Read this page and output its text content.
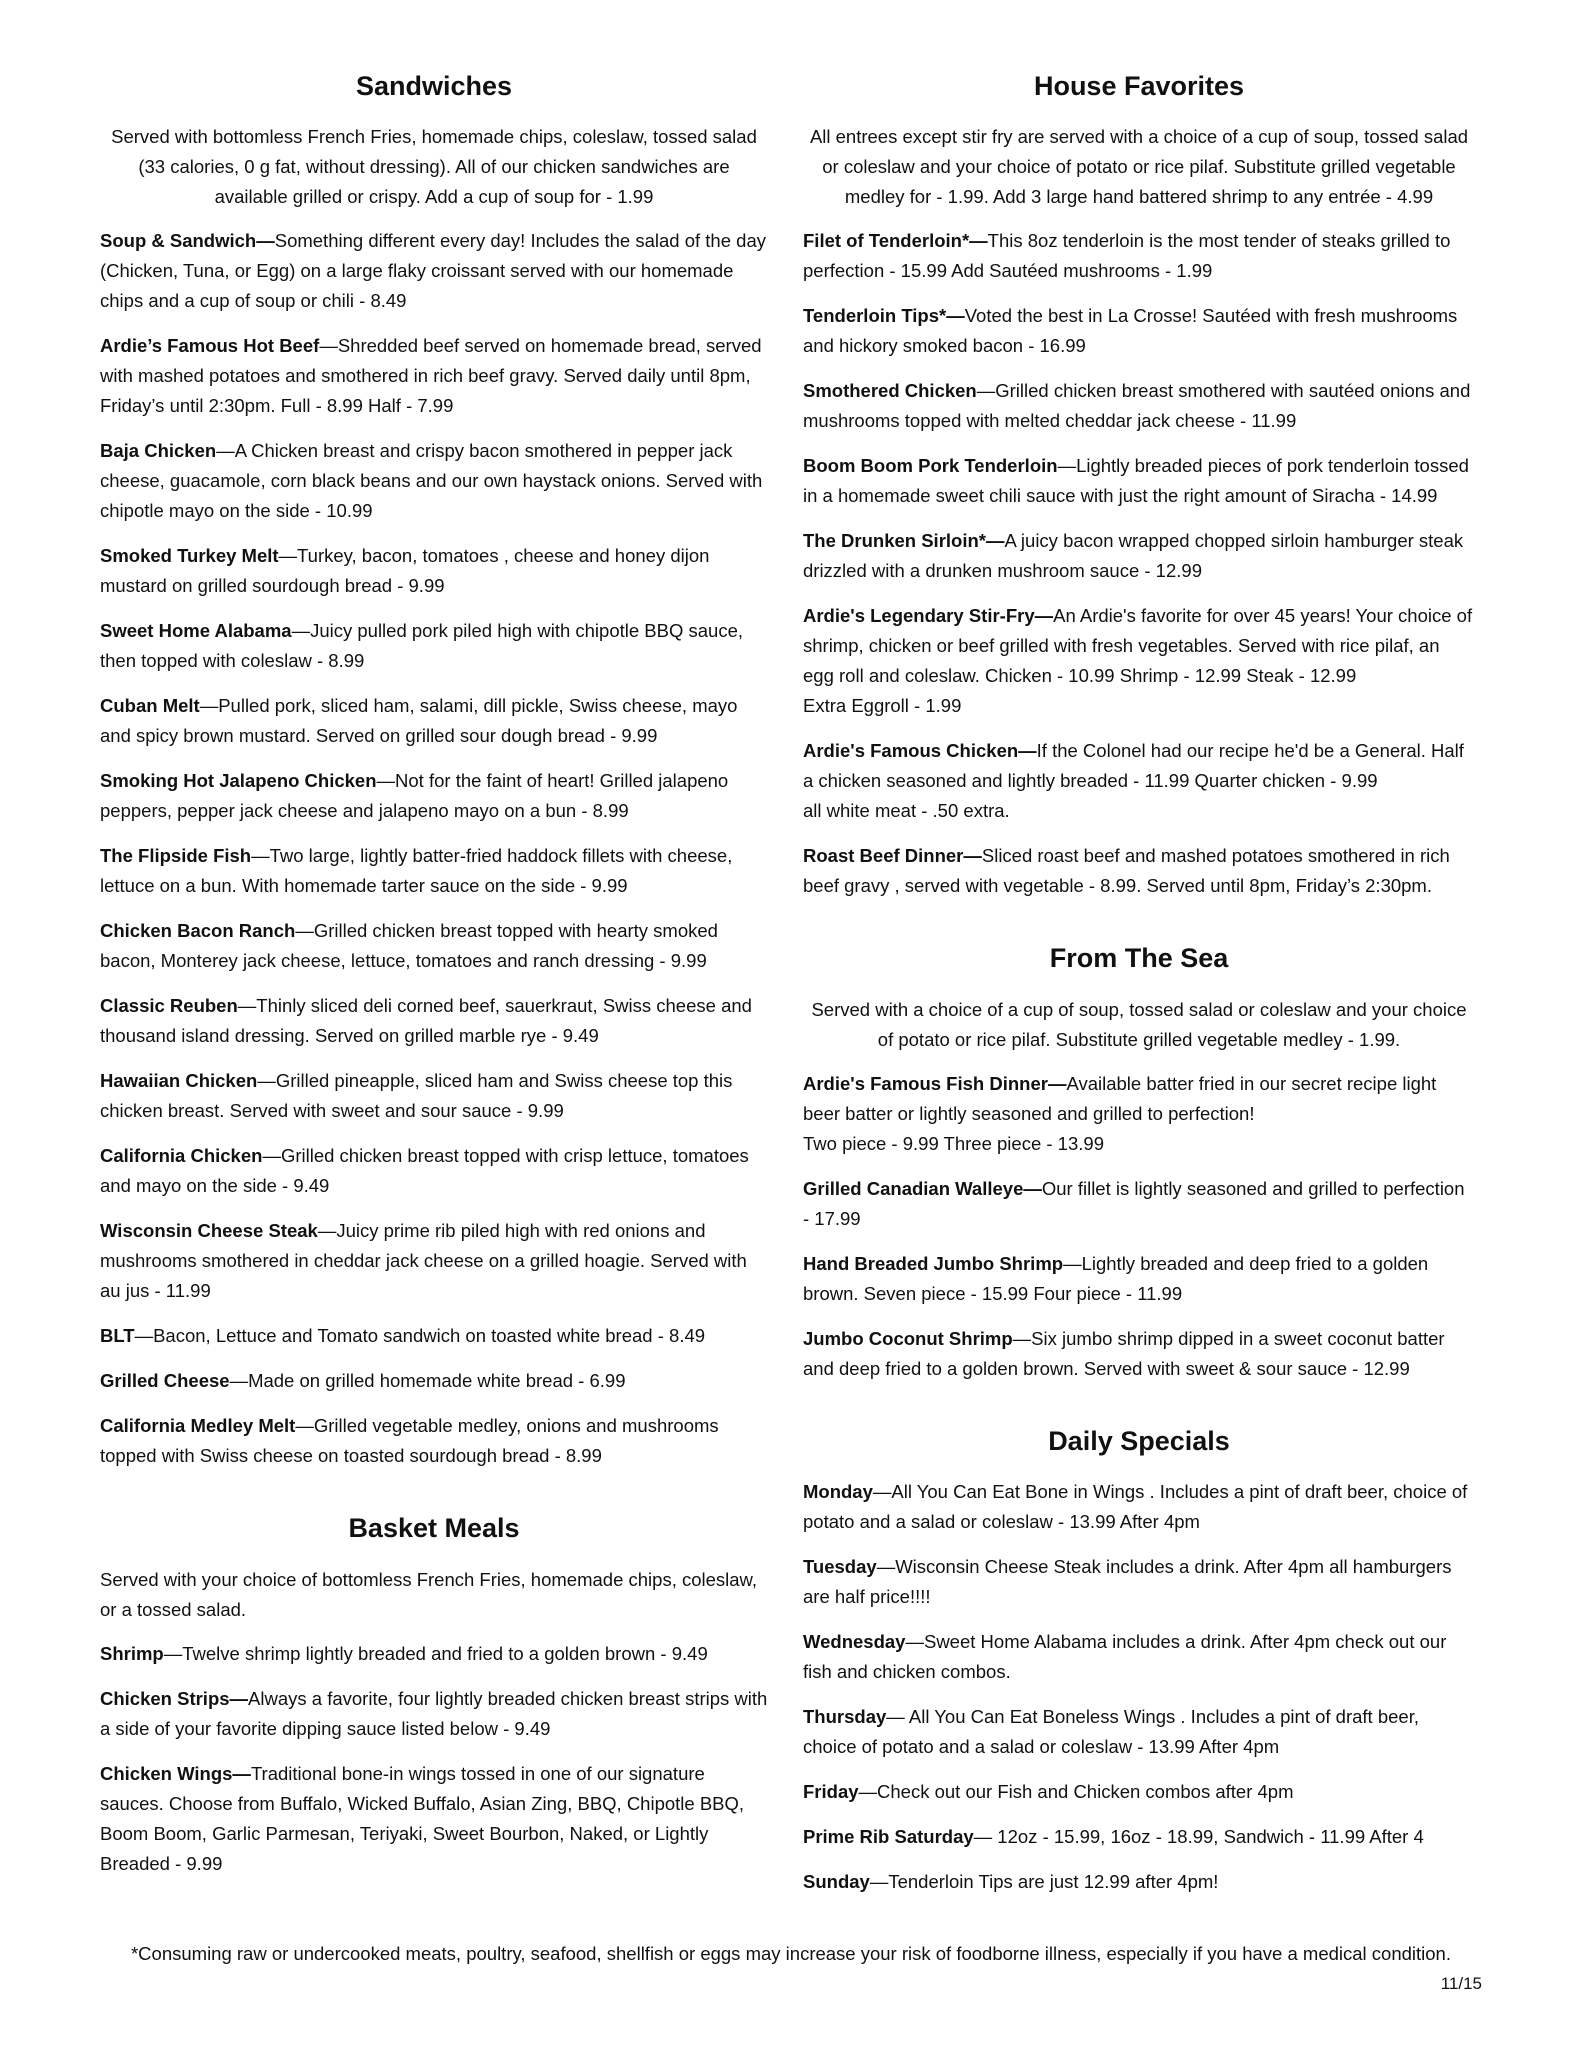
Sandwiches

Served with bottomless French Fries, homemade chips, coleslaw, tossed salad (33 calories, 0 g fat, without dressing). All of our chicken sandwiches are available grilled or crispy. Add a cup of soup for - 1.99

Soup & Sandwich—Something different every day! Includes the salad of the day (Chicken, Tuna, or Egg) on a large flaky croissant served with our homemade chips and a cup of soup or chili - 8.49

Ardie’s Famous Hot Beef—Shredded beef served on homemade bread, served with mashed potatoes and smothered in rich beef gravy. Served daily until 8pm, Friday’s until 2:30pm. Full - 8.99 Half - 7.99

Baja Chicken—A Chicken breast and crispy bacon smothered in pepper jack cheese, guacamole, corn black beans and our own haystack onions. Served with chipotle mayo on the side - 10.99

Smoked Turkey Melt—Turkey, bacon, tomatoes , cheese and honey dijon mustard on grilled sourdough bread - 9.99

Sweet Home Alabama—Juicy pulled pork piled high with chipotle BBQ sauce, then topped with coleslaw - 8.99

Cuban Melt—Pulled pork, sliced ham, salami, dill pickle, Swiss cheese, mayo and spicy brown mustard. Served on grilled sour dough bread - 9.99

Smoking Hot Jalapeno Chicken—Not for the faint of heart! Grilled jalapeno peppers, pepper jack cheese and jalapeno mayo on a bun - 8.99

The Flipside Fish—Two large, lightly batter-fried haddock fillets with cheese, lettuce on a bun. With homemade tarter sauce on the side - 9.99

Chicken Bacon Ranch—Grilled chicken breast topped with hearty smoked bacon, Monterey jack cheese, lettuce, tomatoes and ranch dressing - 9.99

Classic Reuben—Thinly sliced deli corned beef, sauerkraut, Swiss cheese and thousand island dressing. Served on grilled marble rye - 9.49

Hawaiian Chicken—Grilled pineapple, sliced ham and Swiss cheese top this chicken breast. Served with sweet and sour sauce - 9.99

California Chicken—Grilled chicken breast topped with crisp lettuce, tomatoes and mayo on the side - 9.49

Wisconsin Cheese Steak—Juicy prime rib piled high with red onions and mushrooms smothered in cheddar jack cheese on a grilled hoagie. Served with au jus - 11.99

BLT—Bacon, Lettuce and Tomato sandwich on toasted white bread - 8.49

Grilled Cheese—Made on grilled homemade white bread - 6.99

California Medley Melt—Grilled vegetable medley, onions and mushrooms topped with Swiss cheese on toasted sourdough bread - 8.99

Basket Meals

Served with your choice of bottomless French Fries, homemade chips, coleslaw, or a tossed salad.

Shrimp—Twelve shrimp lightly breaded and fried to a golden brown - 9.49

Chicken Strips—Always a favorite, four lightly breaded chicken breast strips with a side of your favorite dipping sauce listed below - 9.49

Chicken Wings—Traditional bone-in wings tossed in one of our signature sauces. Choose from Buffalo, Wicked Buffalo, Asian Zing, BBQ, Chipotle BBQ, Boom Boom, Garlic Parmesan, Teriyaki, Sweet Bourbon, Naked, or Lightly Breaded - 9.99

House Favorites

All entrees except stir fry are served with a choice of a cup of soup, tossed salad or coleslaw and your choice of potato or rice pilaf. Substitute grilled vegetable medley for - 1.99. Add 3 large hand battered shrimp to any entrée - 4.99

Filet of Tenderloin*—This 8oz tenderloin is the most tender of steaks grilled to perfection - 15.99 Add Sautéed mushrooms - 1.99

Tenderloin Tips*—Voted the best in La Crosse! Sautéed with fresh mushrooms and hickory smoked bacon - 16.99

Smothered Chicken—Grilled chicken breast smothered with sautéed onions and mushrooms topped with melted cheddar jack cheese - 11.99

Boom Boom Pork Tenderloin—Lightly breaded pieces of pork tenderloin tossed in a homemade sweet chili sauce with just the right amount of Siracha - 14.99

The Drunken Sirloin*—A juicy bacon wrapped chopped sirloin hamburger steak drizzled with a drunken mushroom sauce - 12.99

Ardie's Legendary Stir-Fry—An Ardie's favorite for over 45 years! Your choice of shrimp, chicken or beef grilled with fresh vegetables. Served with rice pilaf, an egg roll and coleslaw. Chicken - 10.99 Shrimp - 12.99 Steak - 12.99
Extra Eggroll - 1.99

Ardie's Famous Chicken—If the Colonel had our recipe he'd be a General. Half a chicken seasoned and lightly breaded - 11.99 Quarter chicken - 9.99
all white meat - .50 extra.

Roast Beef Dinner—Sliced roast beef and mashed potatoes smothered in rich beef gravy , served with vegetable - 8.99. Served until 8pm, Friday’s 2:30pm.

From The Sea

Served with a choice of a cup of soup, tossed salad or coleslaw and your choice of potato or rice pilaf. Substitute grilled vegetable medley - 1.99.

Ardie's Famous Fish Dinner—Available batter fried in our secret recipe light beer batter or lightly seasoned and grilled to perfection!
Two piece - 9.99 Three piece - 13.99

Grilled Canadian Walleye—Our fillet is lightly seasoned and grilled to perfection - 17.99

Hand Breaded Jumbo Shrimp—Lightly breaded and deep fried to a golden brown. Seven piece - 15.99 Four piece - 11.99

Jumbo Coconut Shrimp—Six jumbo shrimp dipped in a sweet coconut batter and deep fried to a golden brown. Served with sweet & sour sauce - 12.99

Daily Specials

Monday—All You Can Eat Bone in Wings . Includes a pint of draft beer, choice of potato and a salad or coleslaw - 13.99 After 4pm

Tuesday—Wisconsin Cheese Steak includes a drink. After 4pm all hamburgers are half price!!!!

Wednesday—Sweet Home Alabama includes a drink. After 4pm check out our fish and chicken combos.

Thursday— All You Can Eat Boneless Wings . Includes a pint of draft beer, choice of potato and a salad or coleslaw - 13.99 After 4pm

Friday—Check out our Fish and Chicken combos after 4pm

Prime Rib Saturday— 12oz - 15.99, 16oz - 18.99, Sandwich - 11.99 After 4

Sunday—Tenderloin Tips are just 12.99 after 4pm!

*Consuming raw or undercooked meats, poultry, seafood, shellfish or eggs may increase your risk of foodborne illness, especially if you have a medical condition.
11/15
